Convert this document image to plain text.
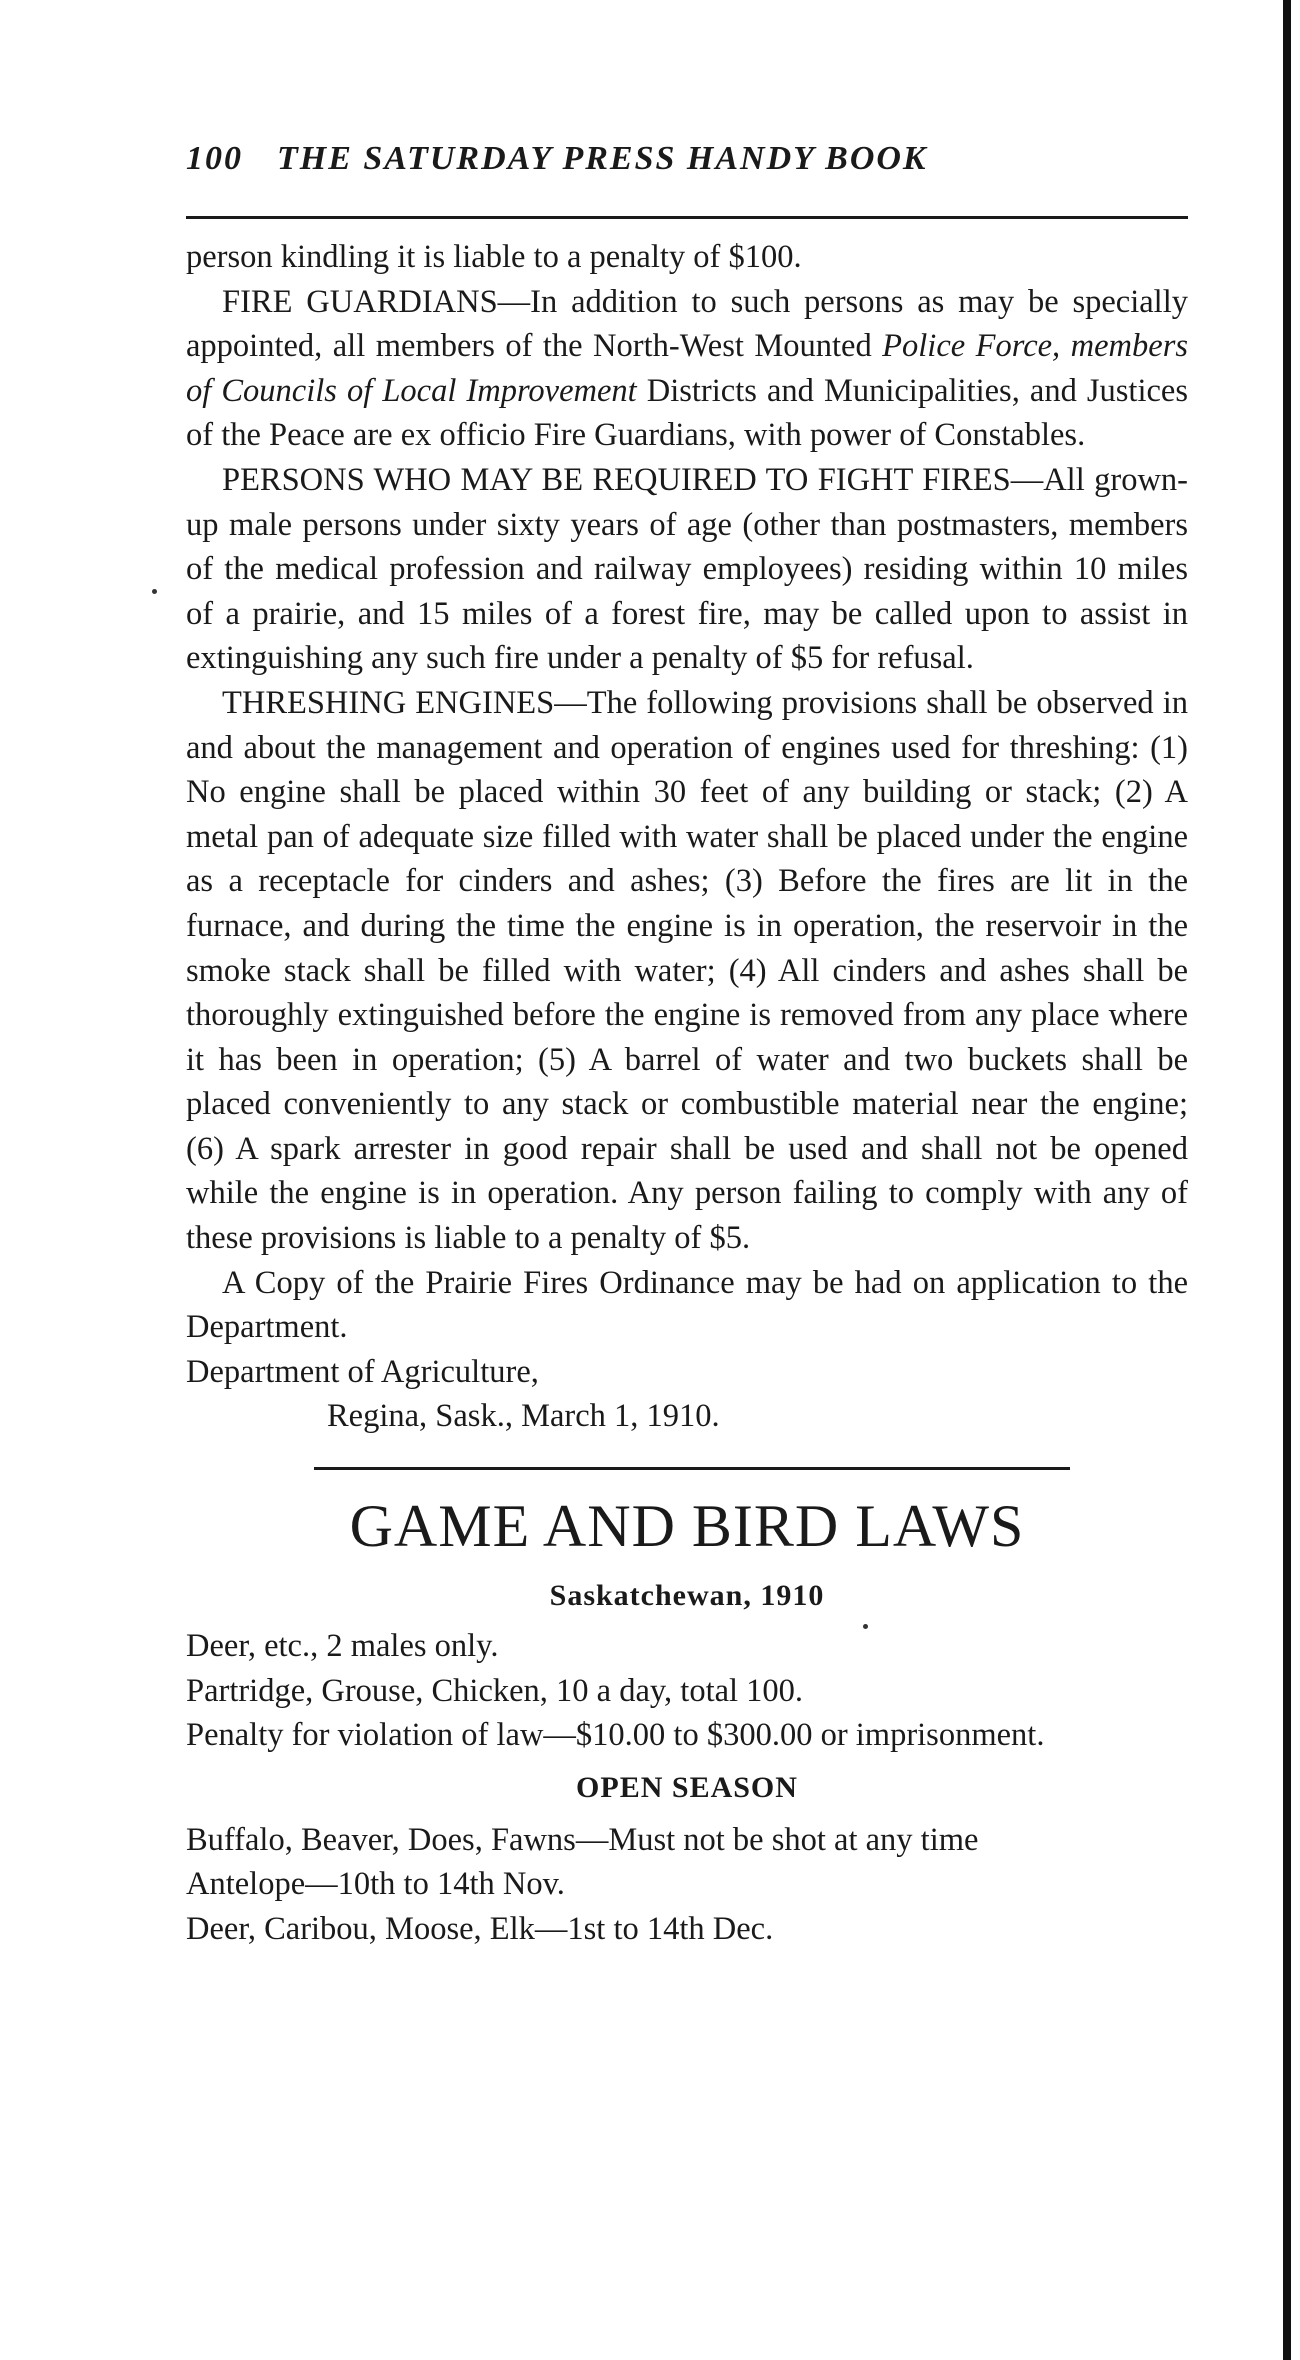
100 THE SATURDAY PRESS HANDY BOOK

person kindling it is liable to a penalty of $100.

FIRE GUARDIANS—In addition to such persons as may be specially appointed, all members of the North-West Mounted Police Force, members of Councils of Local Improvement Districts and Municipalities, and Justices of the Peace are ex officio Fire Guardians, with power of Constables.

PERSONS WHO MAY BE REQUIRED TO FIGHT FIRES—All grown-up male persons under sixty years of age (other than postmasters, members of the medical profession and railway employees) residing within 10 miles of a prairie, and 15 miles of a forest fire, may be called upon to assist in extinguishing any such fire under a penalty of $5 for refusal.

THRESHING ENGINES—The following provisions shall be observed in and about the management and operation of engines used for threshing: (1) No engine shall be placed within 30 feet of any building or stack; (2) A metal pan of adequate size filled with water shall be placed under the engine as a receptacle for cinders and ashes; (3) Before the fires are lit in the furnace, and during the time the engine is in operation, the reservoir in the smoke stack shall be filled with water; (4) All cinders and ashes shall be thoroughly extinguished before the engine is removed from any place where it has been in operation; (5) A barrel of water and two buckets shall be placed conveniently to any stack or combustible material near the engine; (6) A spark arrester in good repair shall be used and shall not be opened while the engine is in operation. Any person failing to comply with any of these provisions is liable to a penalty of $5.

A Copy of the Prairie Fires Ordinance may be had on application to the Department.

Department of Agriculture,

Regina, Sask., March 1, 1910.

GAME AND BIRD LAWS
Saskatchewan, 1910

Deer, etc., 2 males only.

Partridge, Grouse, Chicken, 10 a day, total 100.

Penalty for violation of law—$10.00 to $300.00 or imprisonment.

OPEN SEASON

Buffalo, Beaver, Does, Fawns—Must not be shot at any time

Antelope—10th to 14th Nov.

Deer, Caribou, Moose, Elk—1st to 14th Dec.
